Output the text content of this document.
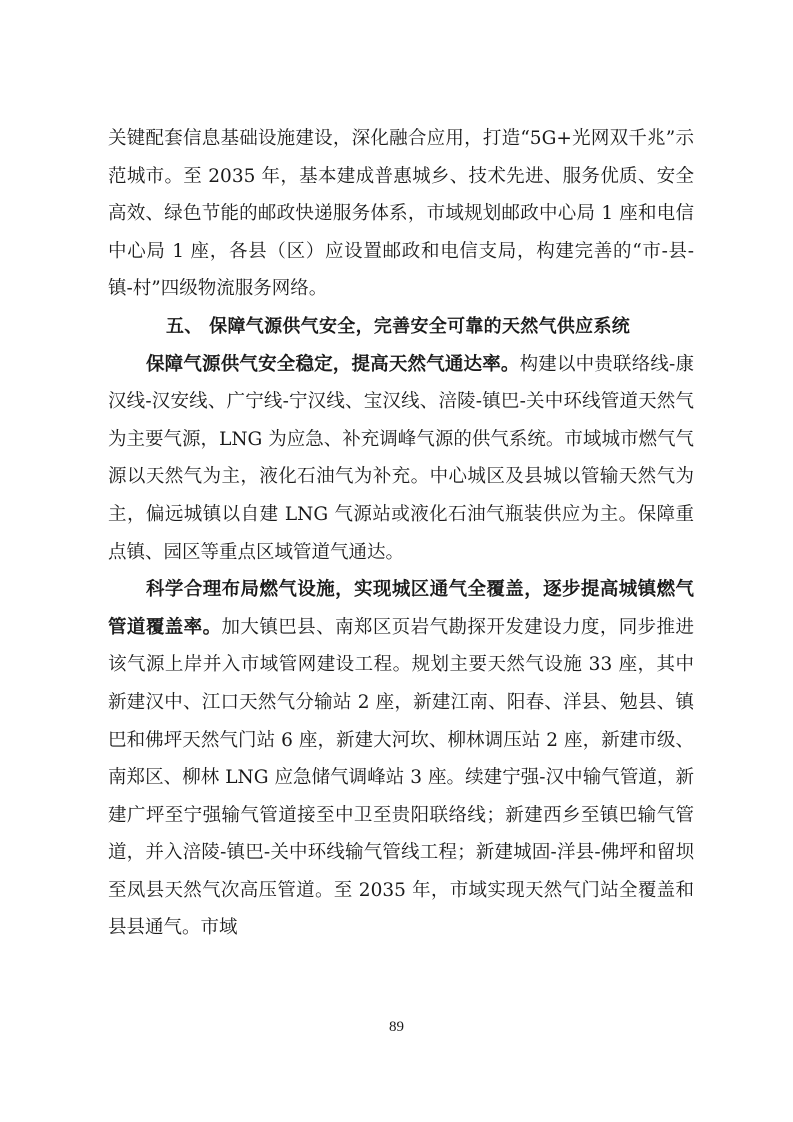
关键配套信息基础设施建设，深化融合应用，打造“5G+光网双千兆”示范城市。至 2035 年，基本建成普惠城乡、技术先进、服务优质、安全高效、绿色节能的邮政快递服务体系，市域规划邮政中心局 1 座和电信中心局 1 座，各县（区）应设置邮政和电信支局，构建完善的“市-县-镇-村”四级物流服务网络。

五、 保障气源供气安全，完善安全可靠的天然气供应系统

保障气源供气安全稳定，提高天然气通达率。构建以中贵联络线-康汉线-汉安线、广宁线-宁汉线、宝汉线、涪陵-镇巴-关中环线管道天然气为主要气源，LNG 为应急、补充调峰气源的供气系统。市域城市燃气气源以天然气为主，液化石油气为补充。中心城区及县城以管输天然气为主，偏远城镇以自建 LNG 气源站或液化石油气瓶装供应为主。保障重点镇、园区等重点区域管道气通达。

科学合理布局燃气设施，实现城区通气全覆盖，逐步提高城镇燃气管道覆盖率。加大镇巴县、南郑区页岩气勘探开发建设力度，同步推进该气源上岸并入市域管网建设工程。规划主要天然气设施 33 座，其中新建汉中、江口天然气分输站 2 座，新建江南、阳春、洋县、勉县、镇巴和佛坪天然气门站 6 座，新建大河坎、柳林调压站 2 座，新建市级、南郑区、柳林 LNG 应急储气调峰站 3 座。续建宁强-汉中输气管道，新建广坪至宁强输气管道接至中卫至贵阳联络线；新建西乡至镇巴输气管道，并入涪陵-镇巴-关中环线输气管线工程；新建城固-洋县-佛坪和留坝至凤县天然气次高压管道。至 2035 年，市域实现天然气门站全覆盖和县县通气。市域

89
